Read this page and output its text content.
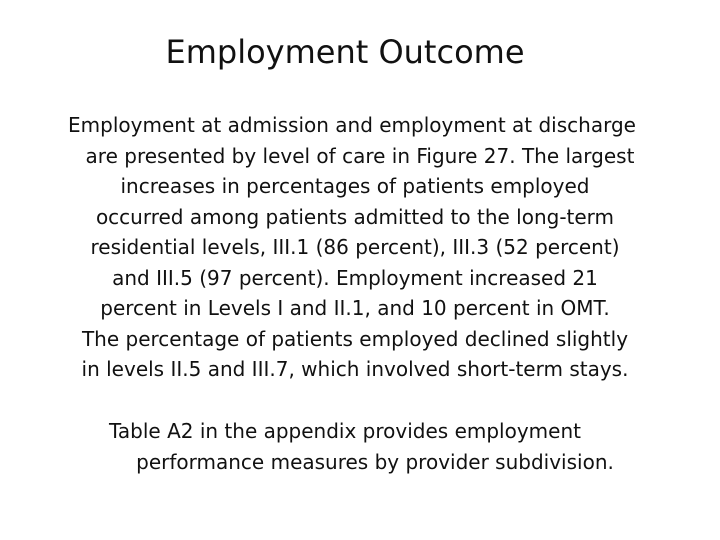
Employment Outcome

Employment at admission and employment at discharge
are presented by level of care in Figure 27. The largest
increases in percentages of patients employed
occurred among patients admitted to the long-term
residential levels, III.1 (86 percent), III.3 (52 percent)
and III.5 (97 percent). Employment increased 21
percent in Levels I and II.1, and 10 percent in OMT.
The percentage of patients employed declined slightly
in levels II.5 and III.7, which involved short-term stays.

Table A2 in the appendix provides employment
performance measures by provider subdivision.
